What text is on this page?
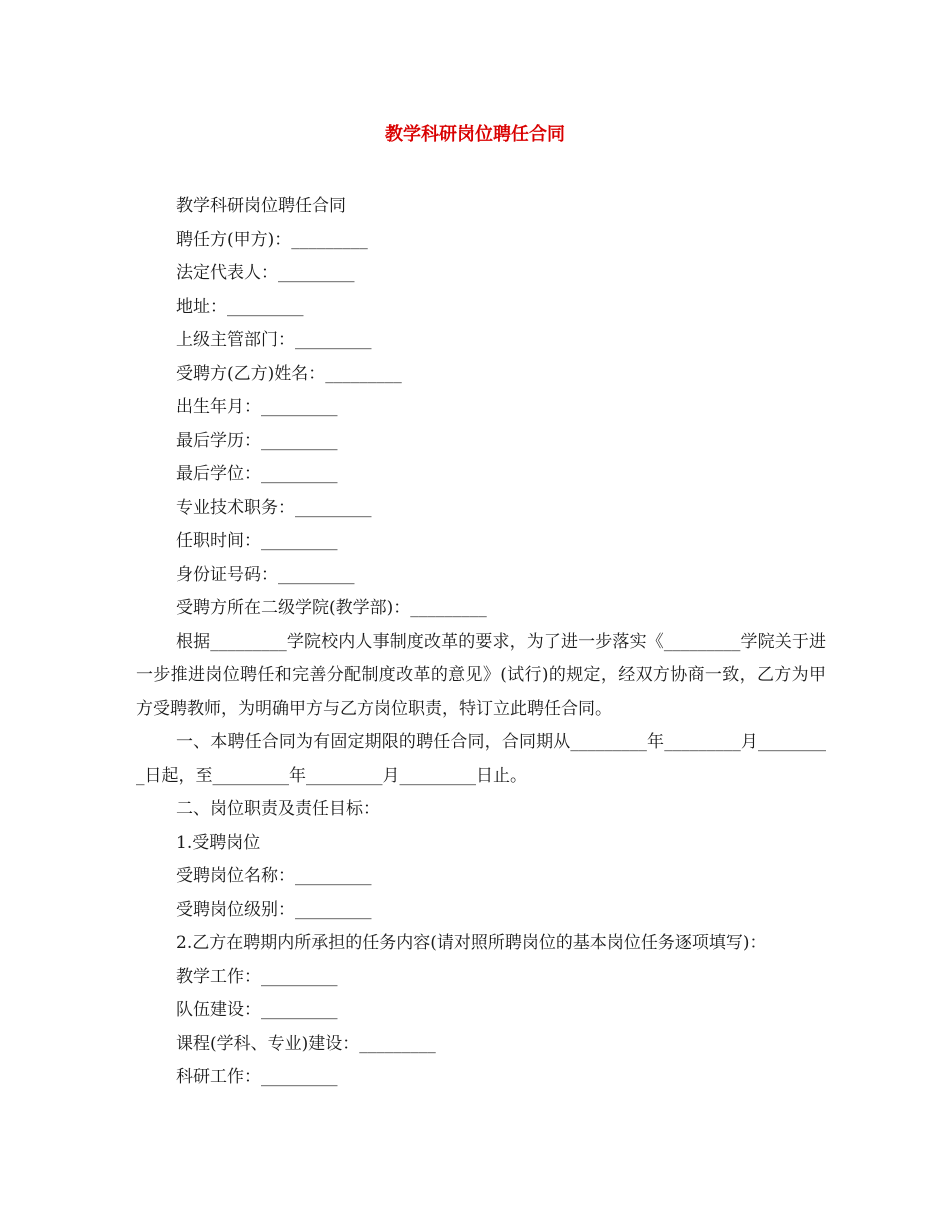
教学科研岗位聘任合同
教学科研岗位聘任合同
聘任方(甲方)：_________
法定代表人：_________
地址：_________
上级主管部门：_________
受聘方(乙方)姓名：_________
出生年月：_________
最后学历：_________
最后学位：_________
专业技术职务：_________
任职时间：_________
身份证号码：_________
受聘方所在二级学院(教学部)：_________
根据_________学院校内人事制度改革的要求，为了进一步落实《_________学院关于进一步推进岗位聘任和完善分配制度改革的意见》(试行)的规定，经双方协商一致，乙方为甲方受聘教师，为明确甲方与乙方岗位职责，特订立此聘任合同。
一、本聘任合同为有固定期限的聘任合同，合同期从_________年_________月_________日起，至_________年_________月_________日止。
二、岗位职责及责任目标：
1.受聘岗位
受聘岗位名称：_________
受聘岗位级别：_________
2.乙方在聘期内所承担的任务内容(请对照所聘岗位的基本岗位任务逐项填写)：
教学工作：_________
队伍建设：_________
课程(学科、专业)建设：_________
科研工作：_________
